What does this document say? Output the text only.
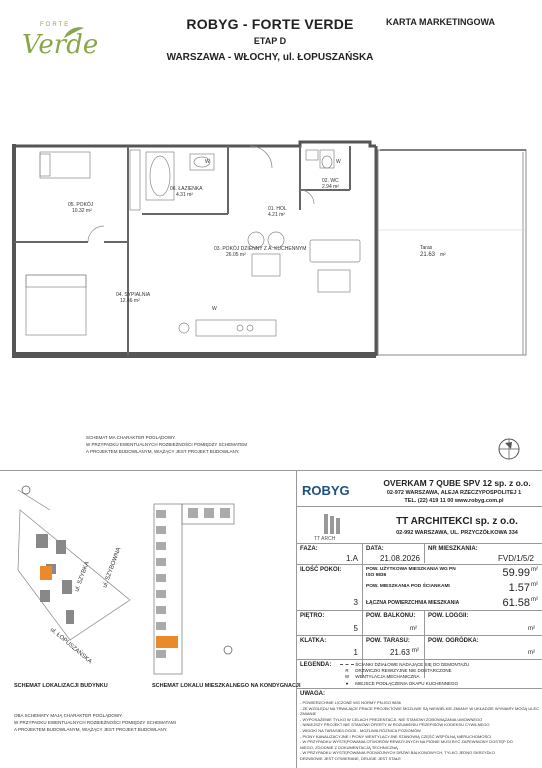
FORTE
Verde
ROBYG - FORTE VERDE
ETAP D
WARSZAWA - WŁOCHY, ul. ŁOPUSZAŃSKA
KARTA MARKETINGOWA
W	W
W
05. POKÓJ
10.32 m²
06. ŁAZIENKA
4.31 m²
01. HOL
4.21 m²
02. WC
2.94 m²
03. POKÓJ DZIENNY Z A. KUCHENNYM
26.05 m²
04. SYPIALNIA
12.46 m²
Taras
21.63 m²
SCHEMAT MA CHARAKTER POGLĄDOWY.
W PRZYPADKU EWENTUALNYCH ROZBIEŻNOŚCI POMIĘDZY SCHEMATEM
A PROJEKTEM BUDOWLANYM, WIĄŻĄCY JEST PROJEKT BUDOWLANY.
ul. SZYBKA ul. SZYBOWNA
ul. ŁOPUSZAŃSKA
SCHEMAT LOKALIZACJI BUDYNKU	SCHEMAT LOKALU MIESZKALNEGO NA KONDYGNACJI
OBA SCHEMATY MAJĄ CHARAKTER POGLĄDOWY.
W PRZYPADKU EWENTUALNYCH ROZBIEŻNOŚCI POMIĘDZY SCHEMATAMI
A PROJEKTEM BUDOWLANYM, WIĄŻĄCY JEST PROJEKT BUDOWLANY.
ROBYG	OVERKAM 7 QUBE SPV 12 sp. z o.o.
02-972 WARSZAWA, ALEJA RZECZYPOSPOLITEJ 1
TEL. (22) 419 11 00 www.robyg.com.pl
TT ARCH
TT ARCHITEKCI sp. z o.o.
02-992 WARSZAWA, UL. PRZYCZÓŁKOWA 334
FAZA:
1.A
DATA:
21.08.2026
NR MIESZKANIA:
FVD/1/5/2
ILOŚĆ POKOI:
3
POW. UŻYTKOWA MIESZKANIA WG PN ISO 9836	59.99 m²
POW. MIESZKANIA POD ŚCIANKAMI	1.57 m²
ŁĄCZNA POWIERZCHNIA MIESZKANIA	61.58 m²
PIĘTRO:
5
POW. BALKONU:
m²
POW. LOGGII:
m²
KLATKA:
1
POW. TARASU:
21.63 m²
POW. OGRÓDKA:
m²
LEGENDA:	ŚCIANKI DZIAŁOWE NADAJĄCE SIĘ DO DEMONTAŻU
R DRZWICZKI REWIZYJNE NIE DOSTARCZONE
W WENTYLACJA MECHANICZNA
● MIEJSCE PODŁĄCZENIA OKAPU KUCHENNEGO
UWAGA:
- POWIERZCHNIE LICZONE WG NORMY PN-ISO 9836
- ZE WZGLĘDU NA TRWAJĄCE PRACE PROJEKTOWE MOŻLIWE SĄ NIEWIELKIE ZMIANY W UKŁADZIE WYMIARY MOGĄ ULEC ZMIANIE
- WYPOSAŻENIE TYLKO W CELACH PREZENTACJI. NIE STANOWI ZOBOWIĄZANIA UMOWNEGO
- NINIEJSZY PROJEKT NIE STANOWI OFERTY W ROZUMIENIU PRZEPISÓW KODEKSU CYWILNEGO
- WIDOKI NA TARASIE/LOGGII - MOŻLIWA RÓŻNICA POZIOMÓW
- PIONY KANALIZACYJNE I PIONY WENTYLACYJNE STANOWIĄ CZĘŚĆ WSPÓLNĄ NIERUCHOMOŚCI
- W PRZYPADKU WYSTĘPOWANIA OTWORÓW REWIZYJNYCH NA PIONIE MUSI BYĆ ZAPEWNIONY DOSTĘP DO
NIEGO, ZGODNIE Z DOKUMENTACJĄ TECHNICZNĄ
- W PRZYPADKU WYSTĘPOWANIA PODWÓJNYCH DRZWI BALKONOWYCH, TYLKO JEDNO SKRZYDŁO
DRZWIOWE JEST OTWIERANE, DRUGIE JEST STAŁE
